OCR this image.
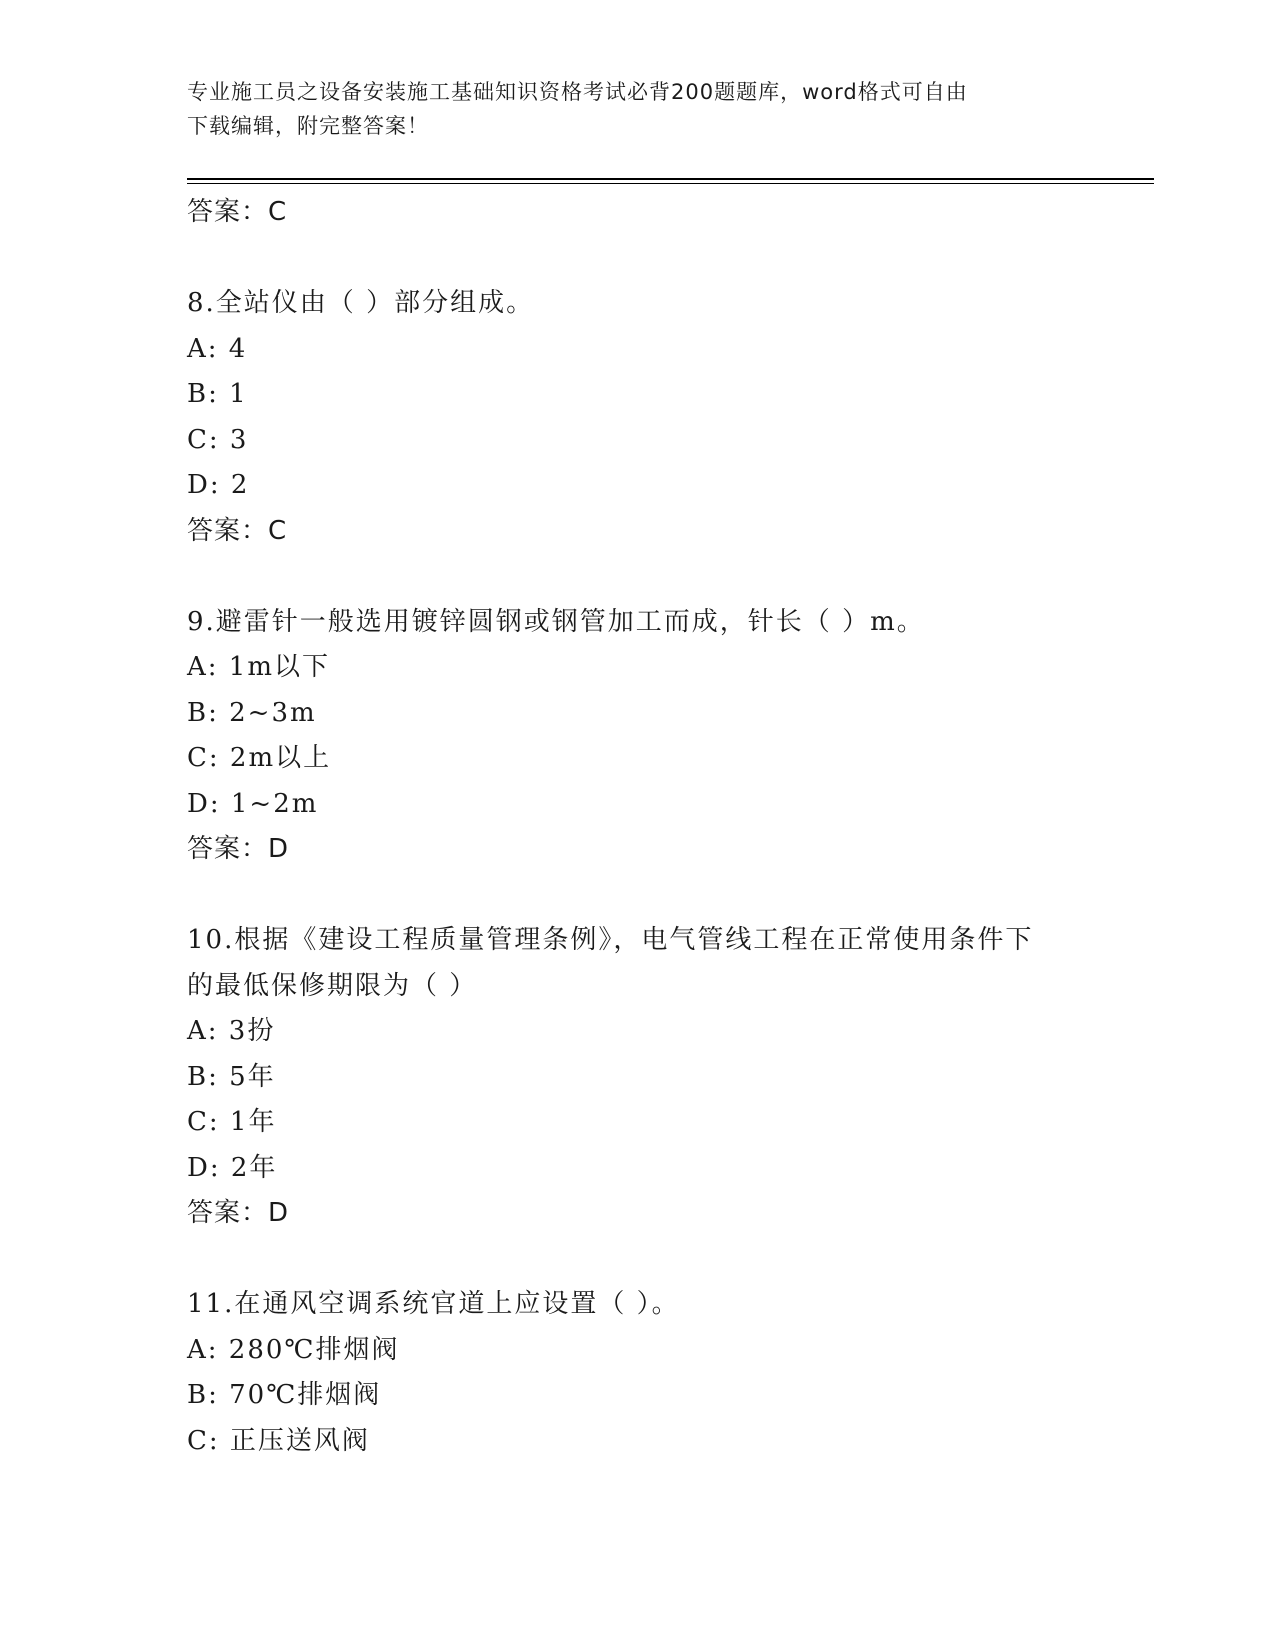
专业施工员之设备安装施工基础知识资格考试必背200题题库，word格式可自由
下载编辑，附完整答案！
答案：C
8.全站仪由（ ）部分组成。
A: 4
B: 1
C: 3
D: 2
答案：C
9.避雷针一般选用镀锌圆钢或钢管加工而成，针长（ ）m。
A: 1m以下
B: 2~3m
C: 2m以上
D: 1~2m
答案：D
10.根据《建设工程质量管理条例》，电气管线工程在正常使用条件下
的最低保修期限为（ ）
A: 3扮
B: 5年
C: 1年
D: 2年
答案：D
11.在通风空调系统官道上应设置（ ）。
A: 280℃排烟阀
B: 70℃排烟阀
C: 正压送风阀
